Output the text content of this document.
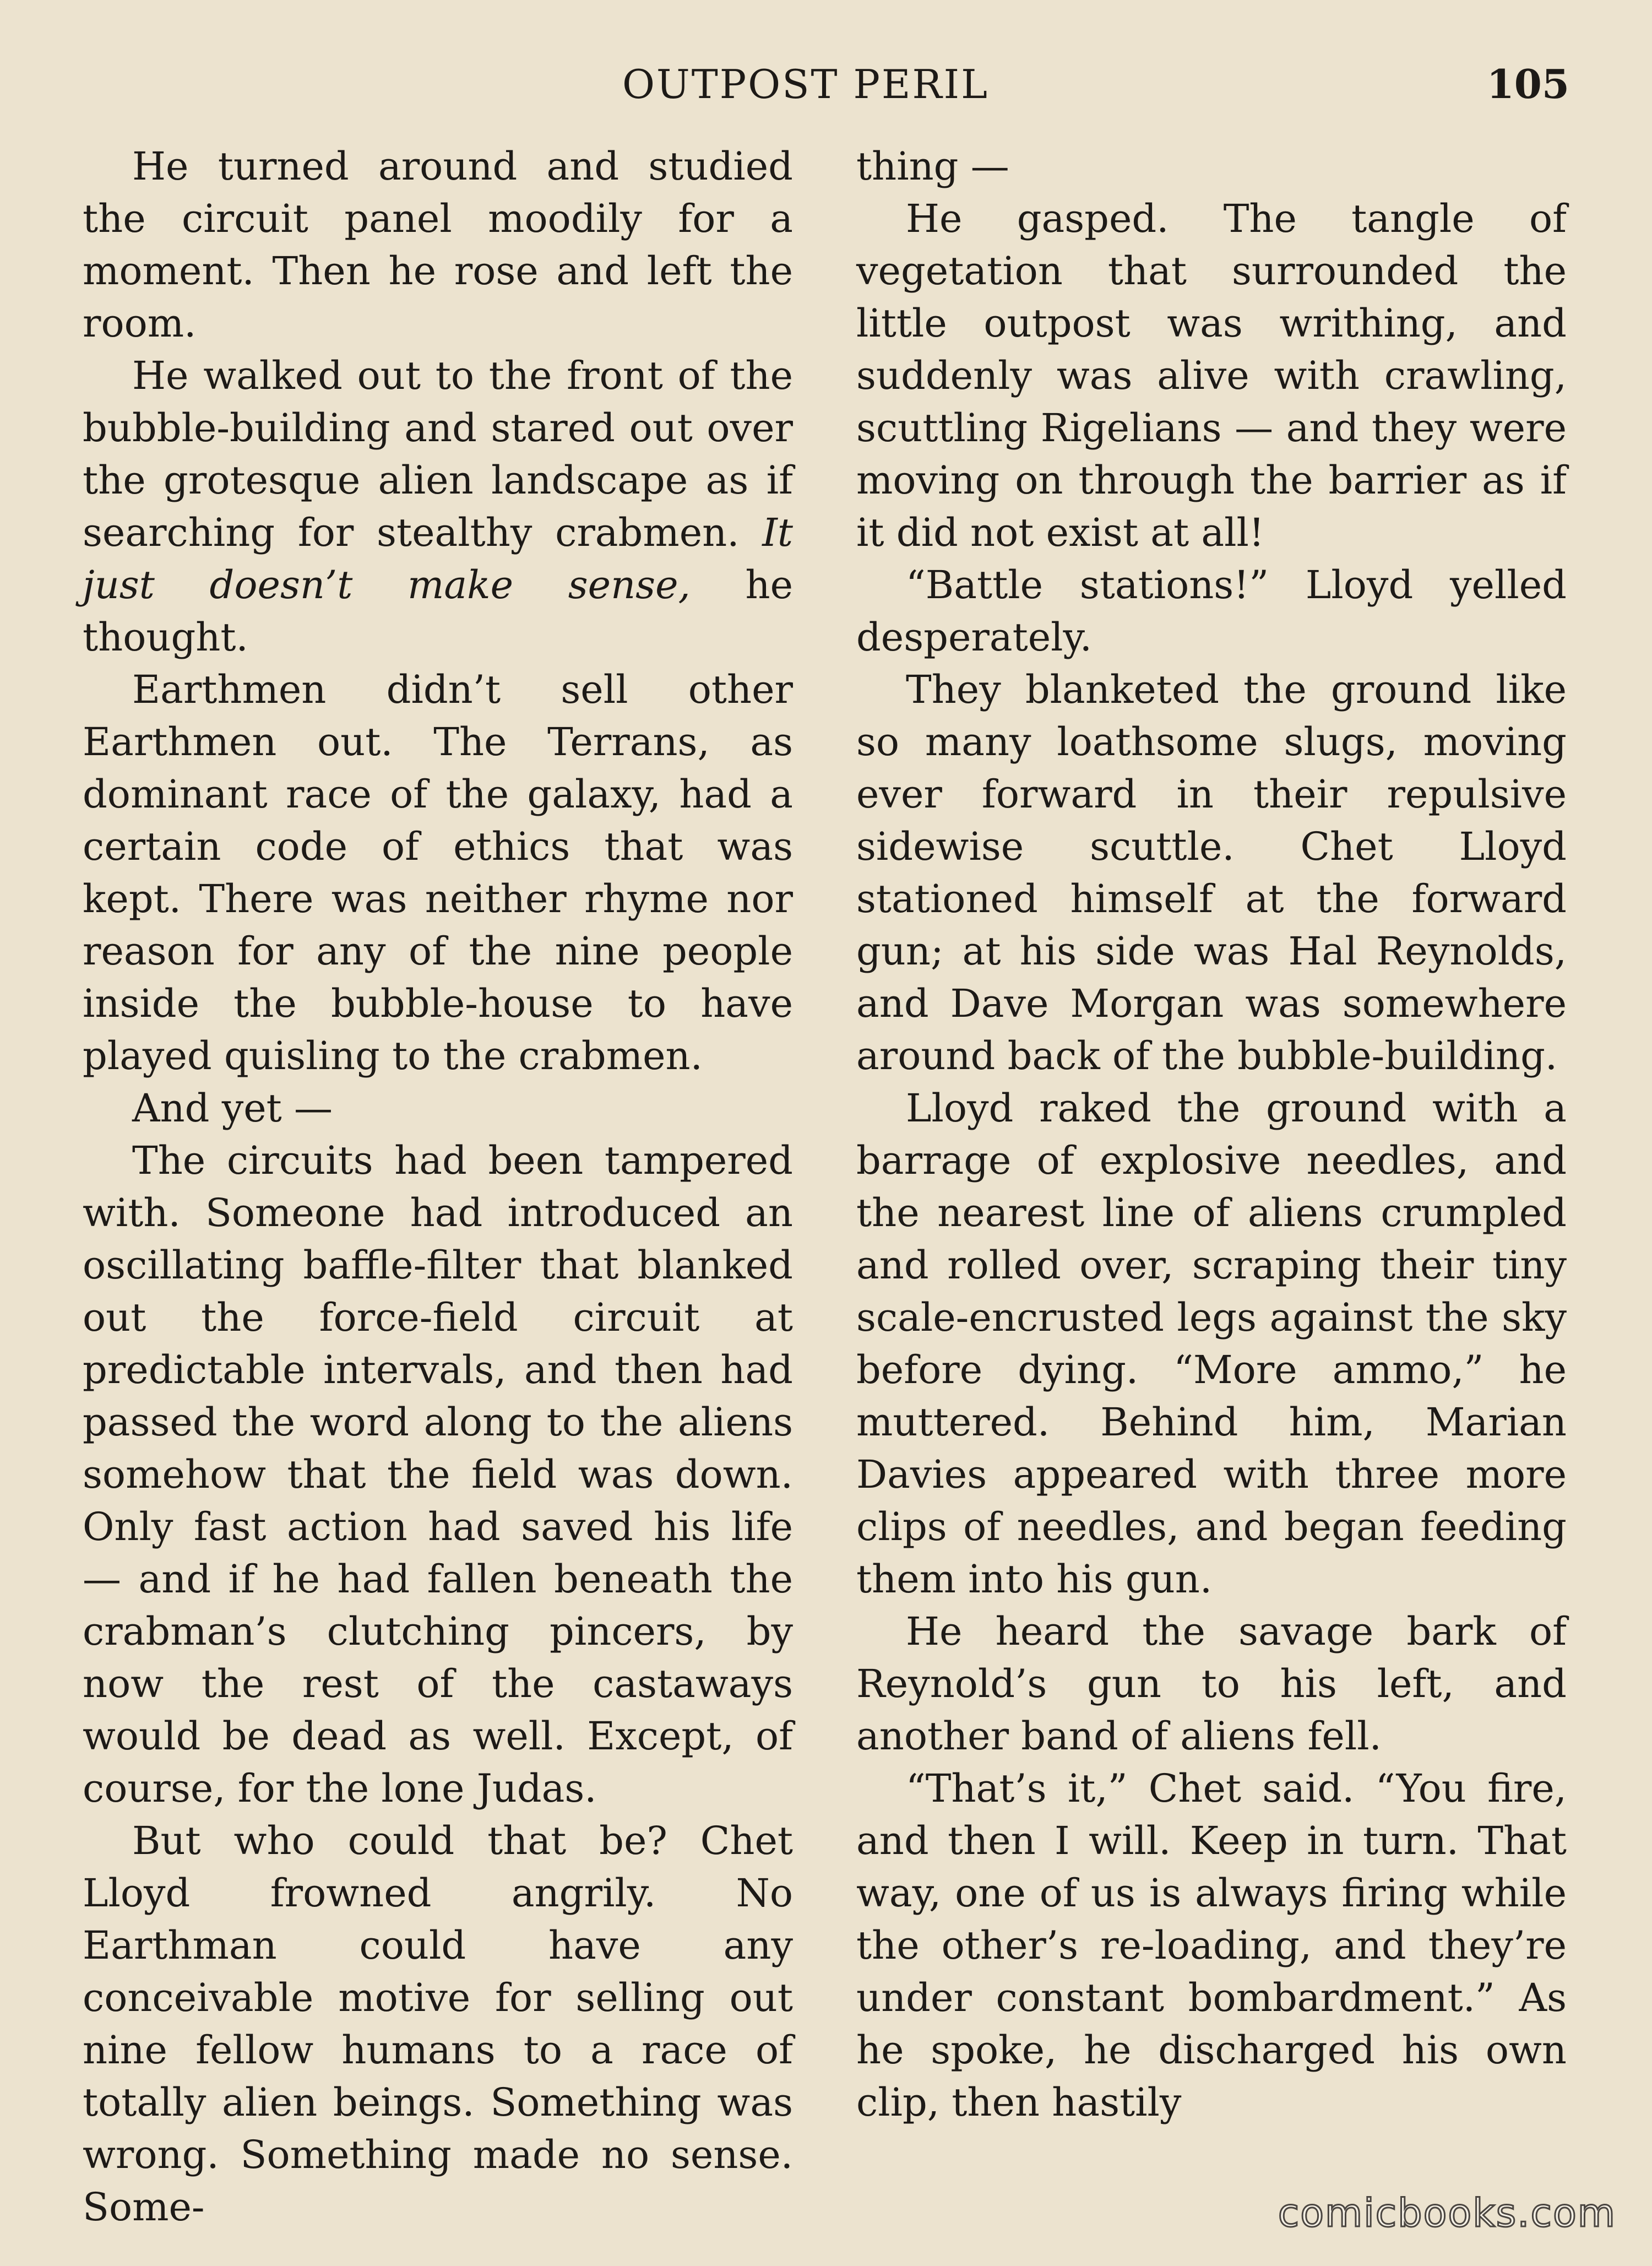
OUTPOST PERIL	105

He turned around and studied the circuit panel moodily for a moment. Then he rose and left the room.

He walked out to the front of the bubble-building and stared out over the grotesque alien landscape as if searching for stealthy crabmen. It just doesn’t make sense, he thought.

Earthmen didn’t sell other Earthmen out. The Terrans, as dominant race of the galaxy, had a certain code of ethics that was kept. There was neither rhyme nor reason for any of the nine people inside the bubble-house to have played quisling to the crabmen.

And yet —

The circuits had been tampered with. Someone had introduced an oscillating baffle-filter that blanked out the force-field circuit at predictable intervals, and then had passed the word along to the aliens somehow that the field was down. Only fast action had saved his life — and if he had fallen beneath the crabman’s clutching pincers, by now the rest of the castaways would be dead as well. Except, of course, for the lone Judas.

But who could that be? Chet Lloyd frowned angrily. No Earthman could have any conceivable motive for selling out nine fellow humans to a race of totally alien beings. Something was wrong. Something made no sense. Some-

thing —

He gasped. The tangle of vegetation that surrounded the little outpost was writhing, and suddenly was alive with crawling, scuttling Rigelians — and they were moving on through the barrier as if it did not exist at all!

“Battle stations!” Lloyd yelled desperately.

They blanketed the ground like so many loathsome slugs, moving ever forward in their repulsive sidewise scuttle. Chet Lloyd stationed himself at the forward gun; at his side was Hal Reynolds, and Dave Morgan was somewhere around back of the bubble-building.

Lloyd raked the ground with a barrage of explosive needles, and the nearest line of aliens crumpled and rolled over, scraping their tiny scale-encrusted legs against the sky before dying. “More ammo,” he muttered. Behind him, Marian Davies appeared with three more clips of needles, and began feeding them into his gun.

He heard the savage bark of Reynold’s gun to his left, and another band of aliens fell.

“That’s it,” Chet said. “You fire, and then I will. Keep in turn. That way, one of us is always firing while the other’s re-loading, and they’re under constant bombardment.” As he spoke, he discharged his own clip, then hastily

comicbooks.com
